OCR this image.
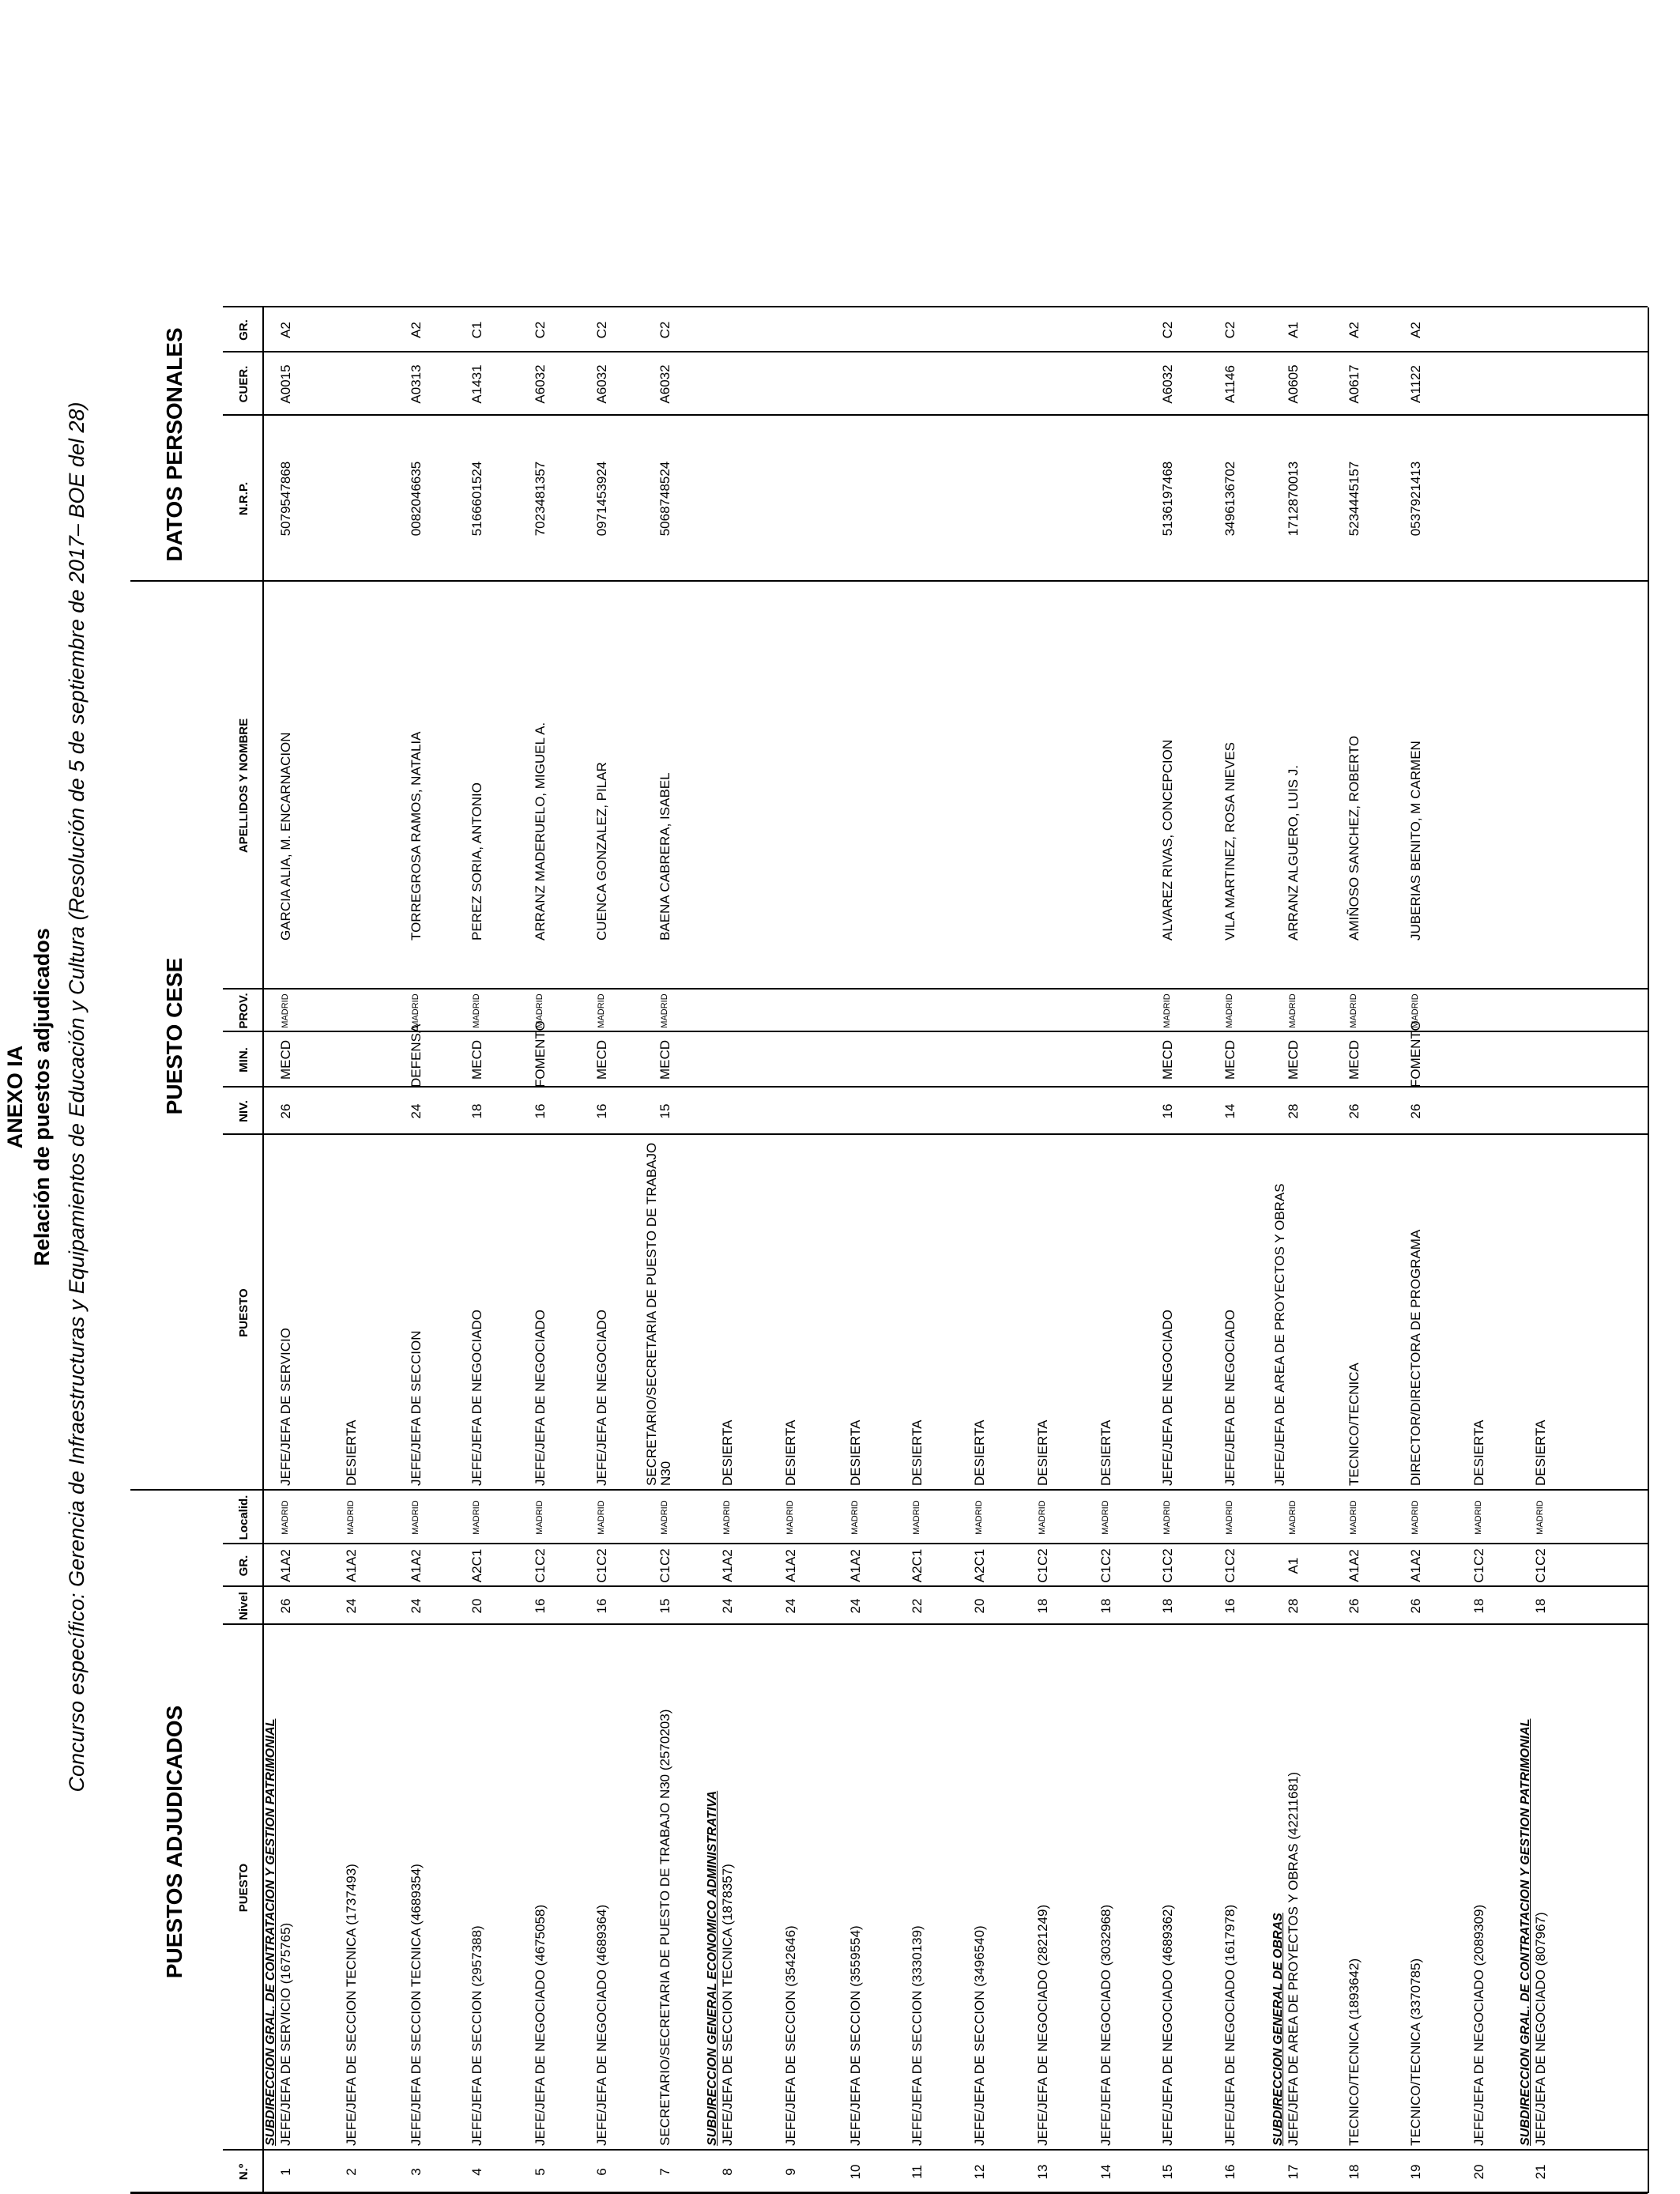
ANEXO IA Relación de puestos adjudicados Concurso específico: Gerencia de Infraestructuras y Equipamientos de Educación y Cultura (Resolución de 5 de septiembre de 2017– BOE del 28)
PUESTOS ADJUDICADOS
PUESTO CESE
DATOS PERSONALES
N.º
PUESTO
Nivel
GR.
Localid.
PUESTO
NIV.
MIN.
PROV.
APELLIDOS Y NOMBRE
N.R.P.
CUER.
GR.
1
SUBDIRECCION GRAL. DE CONTRATACION Y GESTION PATRIMONIAL JEFE/JEFA DE SERVICIO (1675765)
26
A1A2
MADRID
JEFE/JEFA DE SERVICIO
26
MECD
MADRID
GARCIA ALIA, M. ENCARNACION
5079547868
A0015
A2
2
JEFE/JEFA DE SECCION TECNICA (1737493)
24
A1A2
MADRID
DESIERTA
3
JEFE/JEFA DE SECCION TECNICA (4689354)
24
A1A2
MADRID
JEFE/JEFA DE SECCION
24
DEFENSA
MADRID
TORREGROSA RAMOS, NATALIA
0082046635
A0313
A2
4
JEFE/JEFA DE SECCION (2957388)
20
A2C1
MADRID
JEFE/JEFA DE NEGOCIADO
18
MECD
MADRID
PEREZ SORIA, ANTONIO
5166601524
A1431
C1
5
JEFE/JEFA DE NEGOCIADO (4675058)
16
C1C2
MADRID
JEFE/JEFA DE NEGOCIADO
16
FOMENTO
MADRID
ARRANZ MADERUELO, MIGUEL A.
7023481357
A6032
C2
6
JEFE/JEFA DE NEGOCIADO (4689364)
16
C1C2
MADRID
JEFE/JEFA DE NEGOCIADO
16
MECD
MADRID
CUENCA GONZALEZ, PILAR
0971453924
A6032
C2
7
SECRETARIO/SECRETARIA DE PUESTO DE TRABAJO N30 (2570203)
15
C1C2
MADRID
SECRETARIO/SECRETARIA DE PUESTO DE TRABAJO N30
15
MECD
MADRID
BAENA CABRERA, ISABEL
5068748524
A6032
C2
8
SUBDIRECCION GENERAL ECONOMICO ADMINISTRATIVA JEFE/JEFA DE SECCION TECNICA (1878357)
24
A1A2
MADRID
DESIERTA
9
JEFE/JEFA DE SECCION (3542646)
24
A1A2
MADRID
DESIERTA
10
JEFE/JEFA DE SECCION (3559554)
24
A1A2
MADRID
DESIERTA
11
JEFE/JEFA DE SECCION (3330139)
22
A2C1
MADRID
DESIERTA
12
JEFE/JEFA DE SECCION (3496540)
20
A2C1
MADRID
DESIERTA
13
JEFE/JEFA DE NEGOCIADO (2821249)
18
C1C2
MADRID
DESIERTA
14
JEFE/JEFA DE NEGOCIADO (3032968)
18
C1C2
MADRID
DESIERTA
15
JEFE/JEFA DE NEGOCIADO (4689362)
18
C1C2
MADRID
JEFE/JEFA DE NEGOCIADO
16
MECD
MADRID
ALVAREZ RIVAS, CONCEPCION
5136197468
A6032
C2
16
JEFE/JEFA DE NEGOCIADO (1617978)
16
C1C2
MADRID
JEFE/JEFA DE NEGOCIADO
14
MECD
MADRID
VILA MARTINEZ, ROSA NIEVES
3496136702
A1146
C2
17
SUBDIRECCION GENERAL DE OBRAS JEFE/JEFA DE AREA DE PROYECTOS Y OBRAS (42211681)
28
A1
MADRID
JEFE/JEFA DE AREA DE PROYECTOS Y OBRAS
28
MECD
MADRID
ARRANZ ALGUERO, LUIS J.
1712870013
A0605
A1
18
TECNICO/TECNICA (1893642)
26
A1A2
MADRID
TECNICO/TECNICA
26
MECD
MADRID
AMIÑOSO SANCHEZ, ROBERTO
5234445157
A0617
A2
19
TECNICO/TECNICA (3370785)
26
A1A2
MADRID
DIRECTOR/DIRECTORA DE PROGRAMA
26
FOMENTO
MADRID
JUBERIAS BENITO, M CARMEN
0537921413
A1122
A2
20
JEFE/JEFA DE NEGOCIADO (2089309)
18
C1C2
MADRID
DESIERTA
21
SUBDIRECCION GRAL. DE CONTRATACION Y GESTION PATRIMONIAL JEFE/JEFA DE NEGOCIADO (807967)
18
C1C2
MADRID
DESIERTA
